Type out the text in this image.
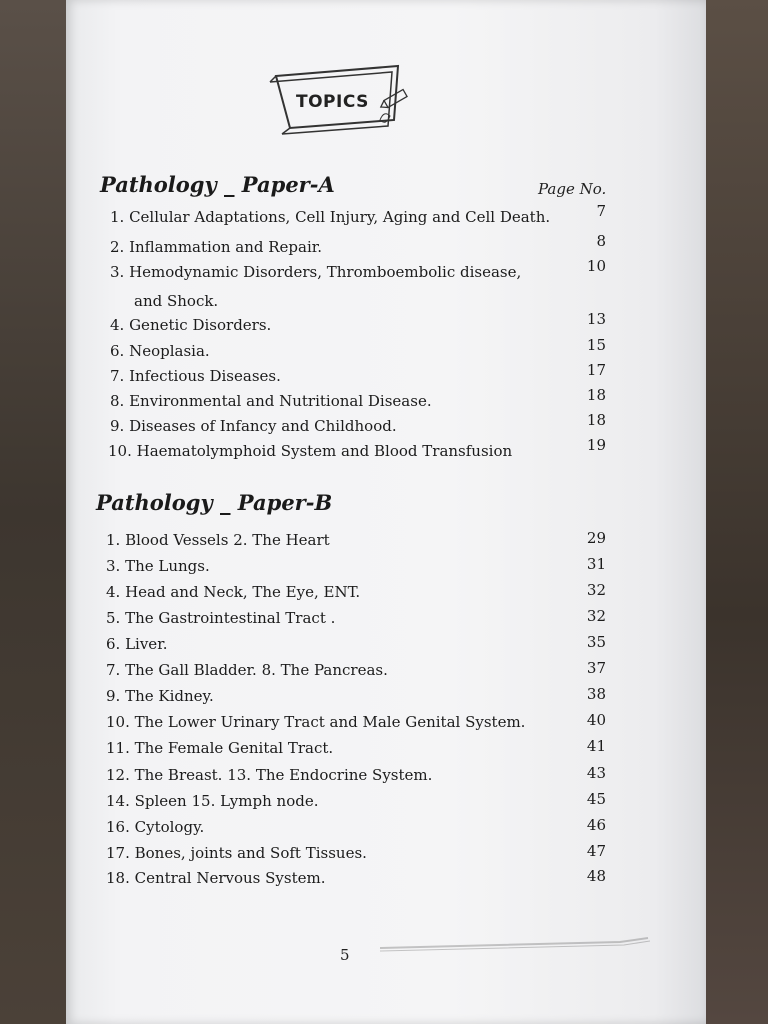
TOPICS
Pathology _ Paper-A	Page No.
1. Cellular Adaptations, Cell Injury, Aging and Cell Death.	7
2. Inflammation and Repair.	8
3. Hemodynamic Disorders, Thromboembolic disease,	10
and Shock.
4. Genetic Disorders.	13
6. Neoplasia.	15
7. Infectious Diseases.	17
8. Environmental and Nutritional Disease.	18
9. Diseases of Infancy and Childhood.	18
10. Haematolymphoid System and Blood Transfusion	19
Pathology _ Paper-B
1. Blood Vessels 2. The Heart	29
3. The Lungs.	31
4. Head and Neck, The Eye, ENT.	32
5. The Gastrointestinal Tract .	32
6. Liver.	35
7. The Gall Bladder. 8. The Pancreas.	37
9. The Kidney.	38
10. The Lower Urinary Tract and Male Genital System.	40
11. The Female Genital Tract.	41
12. The Breast. 13. The Endocrine System.	43
14. Spleen 15. Lymph node.	45
16. Cytology.	46
17. Bones, joints and Soft Tissues.	47
18. Central Nervous System.	48
5
